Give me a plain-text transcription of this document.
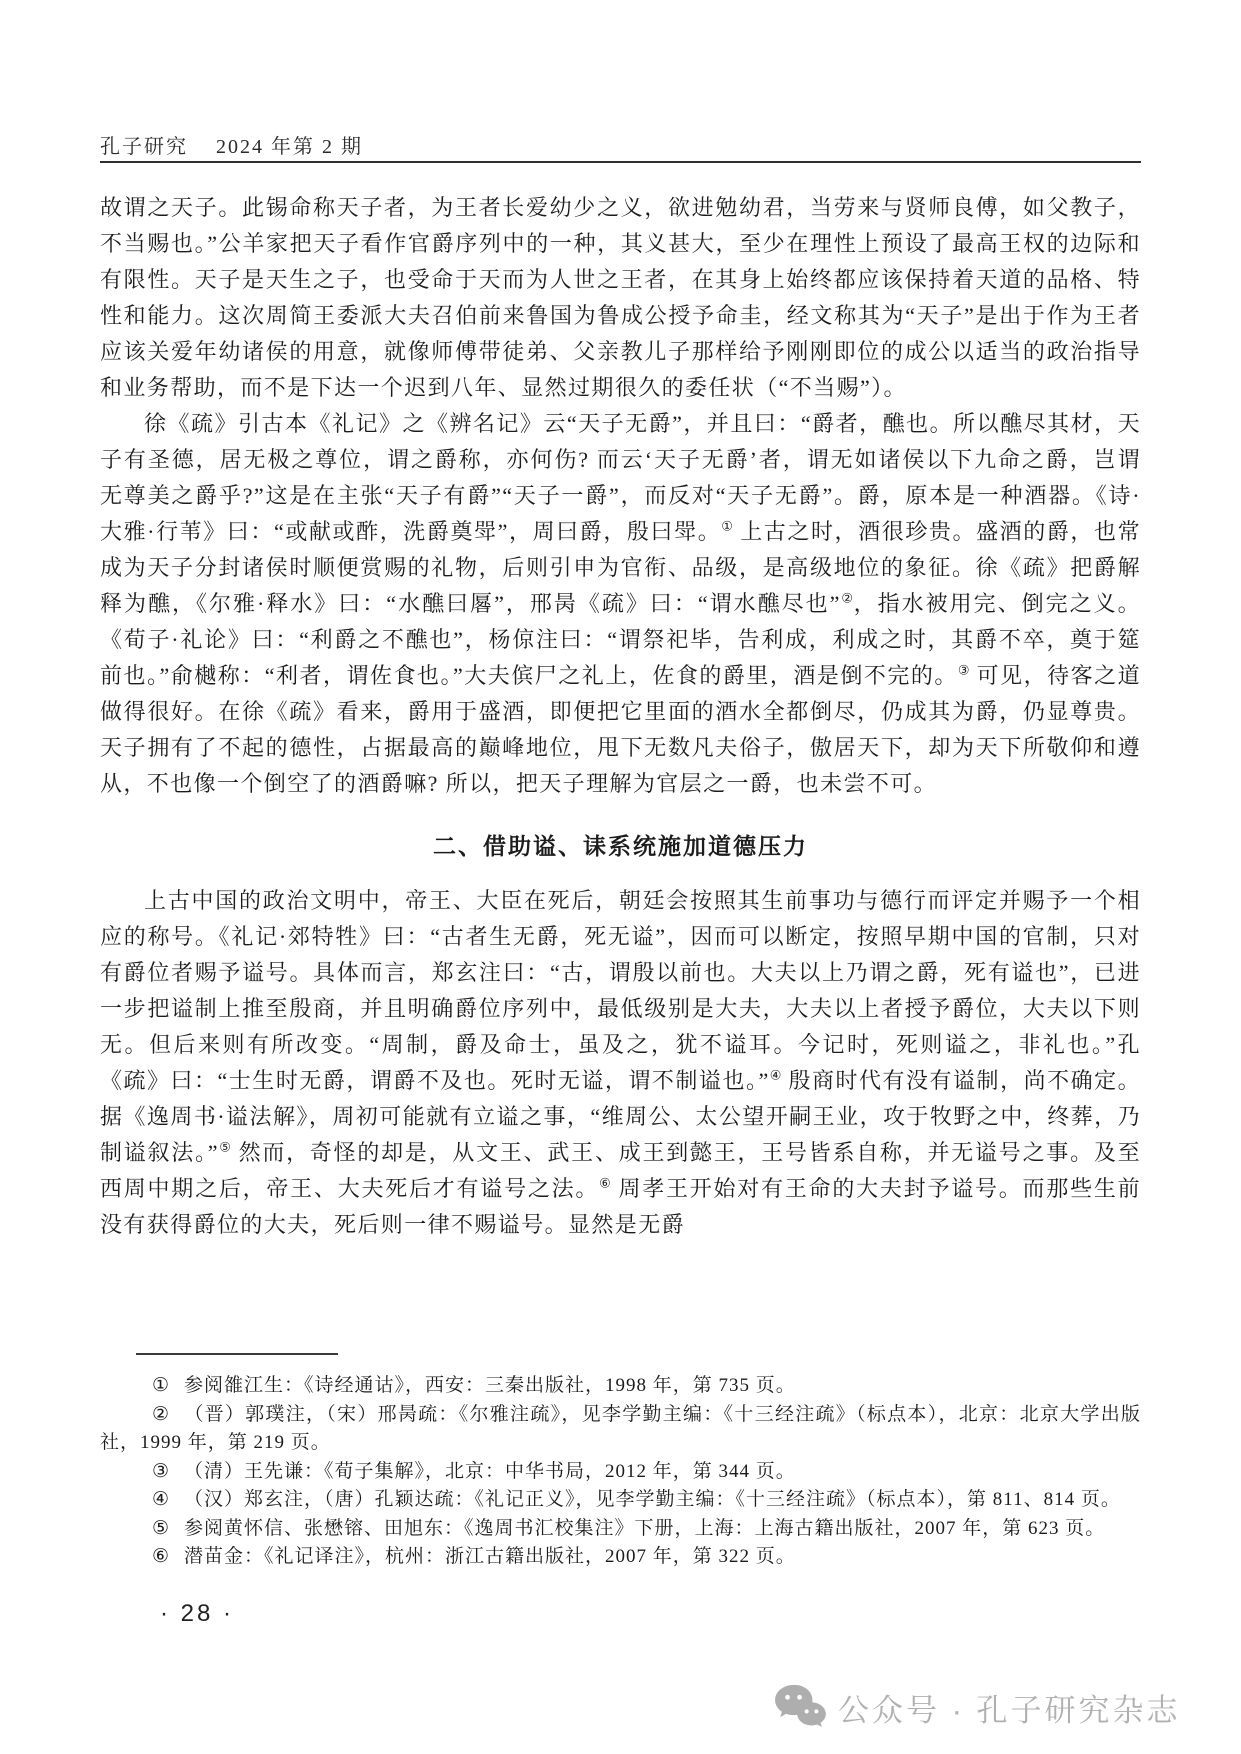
孔子研究 2024 年第 2 期

故谓之天子。此锡命称天子者，为王者长爱幼少之义，欲进勉幼君，当劳来与贤师良傅，如父教子，不当赐也。”公羊家把天子看作官爵序列中的一种，其义甚大，至少在理性上预设了最高王权的边际和有限性。天子是天生之子，也受命于天而为人世之王者，在其身上始终都应该保持着天道的品格、特性和能力。这次周简王委派大夫召伯前来鲁国为鲁成公授予命圭，经文称其为“天子”是出于作为王者应该关爱年幼诸侯的用意，就像师傅带徒弟、父亲教儿子那样给予刚刚即位的成公以适当的政治指导和业务帮助，而不是下达一个迟到八年、显然过期很久的委任状（“不当赐”）。

徐《疏》引古本《礼记》之《辨名记》云“天子无爵”，并且曰：“爵者，醮也。所以醮尽其材，天子有圣德，居无极之尊位，谓之爵称，亦何伤? 而云‘天子无爵’者，谓无如诸侯以下九命之爵，岂谓无尊美之爵乎?”这是在主张“天子有爵”“天子一爵”，而反对“天子无爵”。爵，原本是一种酒器。《诗·大雅·行苇》曰：“或献或酢，洗爵奠斝”，周曰爵，殷曰斝。① 上古之时，酒很珍贵。盛酒的爵，也常成为天子分封诸侯时顺便赏赐的礼物，后则引申为官衔、品级，是高级地位的象征。徐《疏》把爵解释为醮，《尔雅·释水》曰：“水醮曰厬”，邢昺《疏》曰：“谓水醮尽也”②，指水被用完、倒完之义。《荀子·礼论》曰：“利爵之不醮也”，杨倞注曰：“谓祭祀毕，告利成，利成之时，其爵不卒，奠于筵前也。”俞樾称：“利者，谓佐食也。”大夫傧尸之礼上，佐食的爵里，酒是倒不完的。③ 可见，待客之道做得很好。在徐《疏》看来，爵用于盛酒，即便把它里面的酒水全都倒尽，仍成其为爵，仍显尊贵。天子拥有了不起的德性，占据最高的巅峰地位，甩下无数凡夫俗子，傲居天下，却为天下所敬仰和遵从，不也像一个倒空了的酒爵嘛? 所以，把天子理解为官层之一爵，也未尝不可。

二、借助谥、诔系统施加道德压力

上古中国的政治文明中，帝王、大臣在死后，朝廷会按照其生前事功与德行而评定并赐予一个相应的称号。《礼记·郊特牲》曰：“古者生无爵，死无谥”，因而可以断定，按照早期中国的官制，只对有爵位者赐予谥号。具体而言，郑玄注曰：“古，谓殷以前也。大夫以上乃谓之爵，死有谥也”，已进一步把谥制上推至殷商，并且明确爵位序列中，最低级别是大夫，大夫以上者授予爵位，大夫以下则无。但后来则有所改变。“周制，爵及命士，虽及之，犹不谥耳。今记时，死则谥之，非礼也。”孔《疏》曰：“士生时无爵，谓爵不及也。死时无谥，谓不制谥也。”④ 殷商时代有没有谥制，尚不确定。据《逸周书·谥法解》，周初可能就有立谥之事，“维周公、太公望开嗣王业，攻于牧野之中，终葬，乃制谥叙法。”⑤ 然而，奇怪的却是，从文王、武王、成王到懿王，王号皆系自称，并无谥号之事。及至西周中期之后，帝王、大夫死后才有谥号之法。⑥ 周孝王开始对有王命的大夫封予谥号。而那些生前没有获得爵位的大夫，死后则一律不赐谥号。显然是无爵

① 参阅雒江生：《诗经通诂》，西安：三秦出版社，1998 年，第 735 页。

② （晋）郭璞注，（宋）邢昺疏：《尔雅注疏》，见李学勤主编：《十三经注疏》（标点本），北京：北京大学出版社，1999 年，第 219 页。

③ （清）王先谦：《荀子集解》，北京：中华书局，2012 年，第 344 页。

④ （汉）郑玄注，（唐）孔颖达疏：《礼记正义》，见李学勤主编：《十三经注疏》（标点本），第 811、814 页。

⑤ 参阅黄怀信、张懋镕、田旭东：《逸周书汇校集注》下册，上海：上海古籍出版社，2007 年，第 623 页。

⑥ 潜苗金：《礼记译注》，杭州：浙江古籍出版社，2007 年，第 322 页。

· 28 ·
公众号 · 孔子研究杂志
